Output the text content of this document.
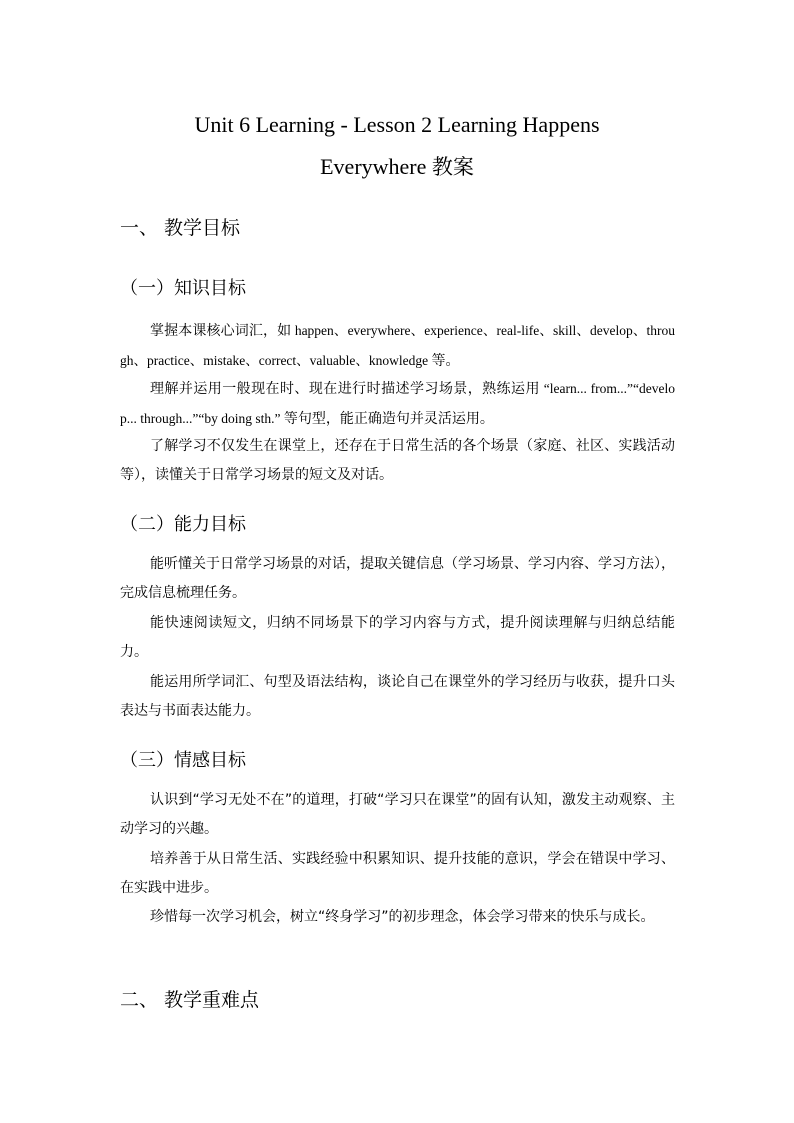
Unit 6 Learning - Lesson 2 Learning Happens
Everywhere 教案
一、 教学目标
（一）知识目标
掌握本课核心词汇，如 happen、everywhere、experience、real-life、skill、develop、through、practice、mistake、correct、valuable、knowledge 等。
理解并运用一般现在时、现在进行时描述学习场景，熟练运用 “learn... from...”“develop... through...”“by doing sth.” 等句型，能正确造句并灵活运用。
了解学习不仅发生在课堂上，还存在于日常生活的各个场景（家庭、社区、实践活动等），读懂关于日常学习场景的短文及对话。
（二）能力目标
能听懂关于日常学习场景的对话，提取关键信息（学习场景、学习内容、学习方法），完成信息梳理任务。
能快速阅读短文，归纳不同场景下的学习内容与方式，提升阅读理解与归纳总结能力。
能运用所学词汇、句型及语法结构，谈论自己在课堂外的学习经历与收获，提升口头表达与书面表达能力。
（三）情感目标
认识到“学习无处不在”的道理，打破“学习只在课堂”的固有认知，激发主动观察、主动学习的兴趣。
培养善于从日常生活、实践经验中积累知识、提升技能的意识，学会在错误中学习、在实践中进步。
珍惜每一次学习机会，树立“终身学习”的初步理念，体会学习带来的快乐与成长。
二、 教学重难点
